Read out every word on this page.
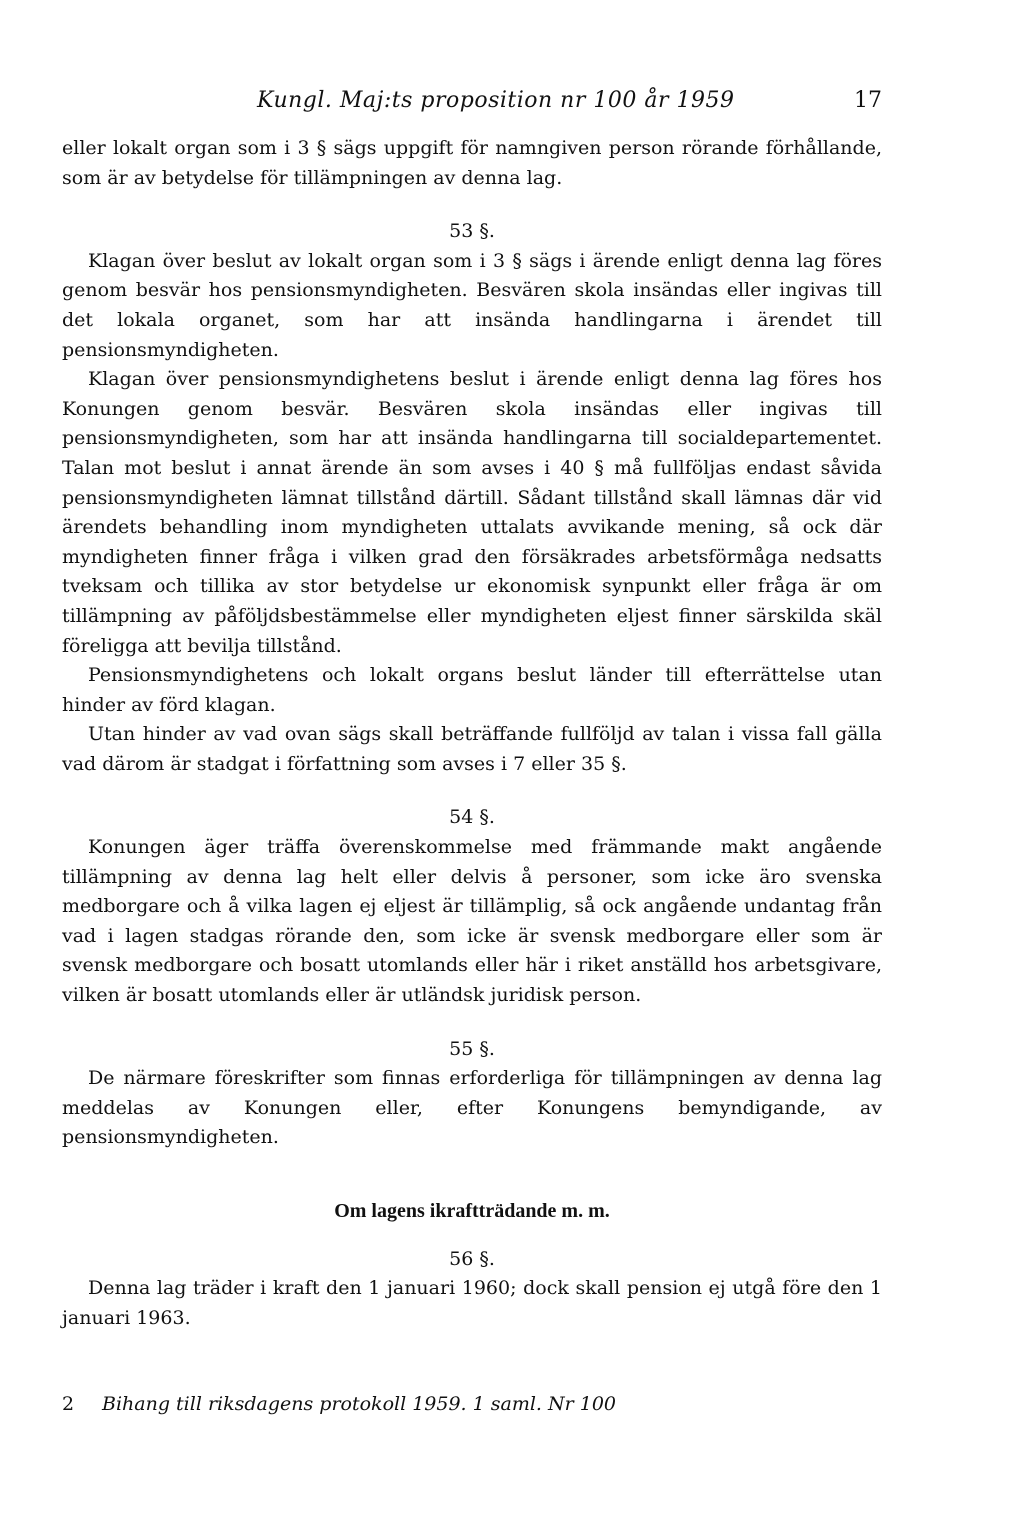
Kungl. Maj:ts proposition nr 100 år 1959	17

eller lokalt organ som i 3 § sägs uppgift för namngiven person rörande förhållande, som är av betydelse för tillämpningen av denna lag.

53 §.

Klagan över beslut av lokalt organ som i 3 § sägs i ärende enligt denna lag föres genom besvär hos pensionsmyndigheten. Besvären skola insändas eller ingivas till det lokala organet, som har att insända handlingarna i ärendet till pensionsmyndigheten.

Klagan över pensionsmyndighetens beslut i ärende enligt denna lag föres hos Konungen genom besvär. Besvären skola insändas eller ingivas till pensionsmyndigheten, som har att insända handlingarna till socialdepartementet. Talan mot beslut i annat ärende än som avses i 40 § må fullföljas endast såvida pensionsmyndigheten lämnat tillstånd därtill. Sådant tillstånd skall lämnas där vid ärendets behandling inom myndigheten uttalats avvikande mening, så ock där myndigheten finner fråga i vilken grad den försäkrades arbetsförmåga nedsatts tveksam och tillika av stor betydelse ur ekonomisk synpunkt eller fråga är om tillämpning av påföljdsbestämmelse eller myndigheten eljest finner särskilda skäl föreligga att bevilja tillstånd.

Pensionsmyndighetens och lokalt organs beslut länder till efterrättelse utan hinder av förd klagan.

Utan hinder av vad ovan sägs skall beträffande fullföljd av talan i vissa fall gälla vad därom är stadgat i författning som avses i 7 eller 35 §.

54 §.

Konungen äger träffa överenskommelse med främmande makt angående tillämpning av denna lag helt eller delvis å personer, som icke äro svenska medborgare och å vilka lagen ej eljest är tillämplig, så ock angående undantag från vad i lagen stadgas rörande den, som icke är svensk medborgare eller som är svensk medborgare och bosatt utomlands eller här i riket anställd hos arbetsgivare, vilken är bosatt utomlands eller är utländsk juridisk person.

55 §.

De närmare föreskrifter som finnas erforderliga för tillämpningen av denna lag meddelas av Konungen eller, efter Konungens bemyndigande, av pensionsmyndigheten.

Om lagens ikraftträdande m. m.
56 §.

Denna lag träder i kraft den 1 januari 1960; dock skall pension ej utgå före den 1 januari 1963.

2 Bihang till riksdagens protokoll 1959. 1 saml. Nr 100
